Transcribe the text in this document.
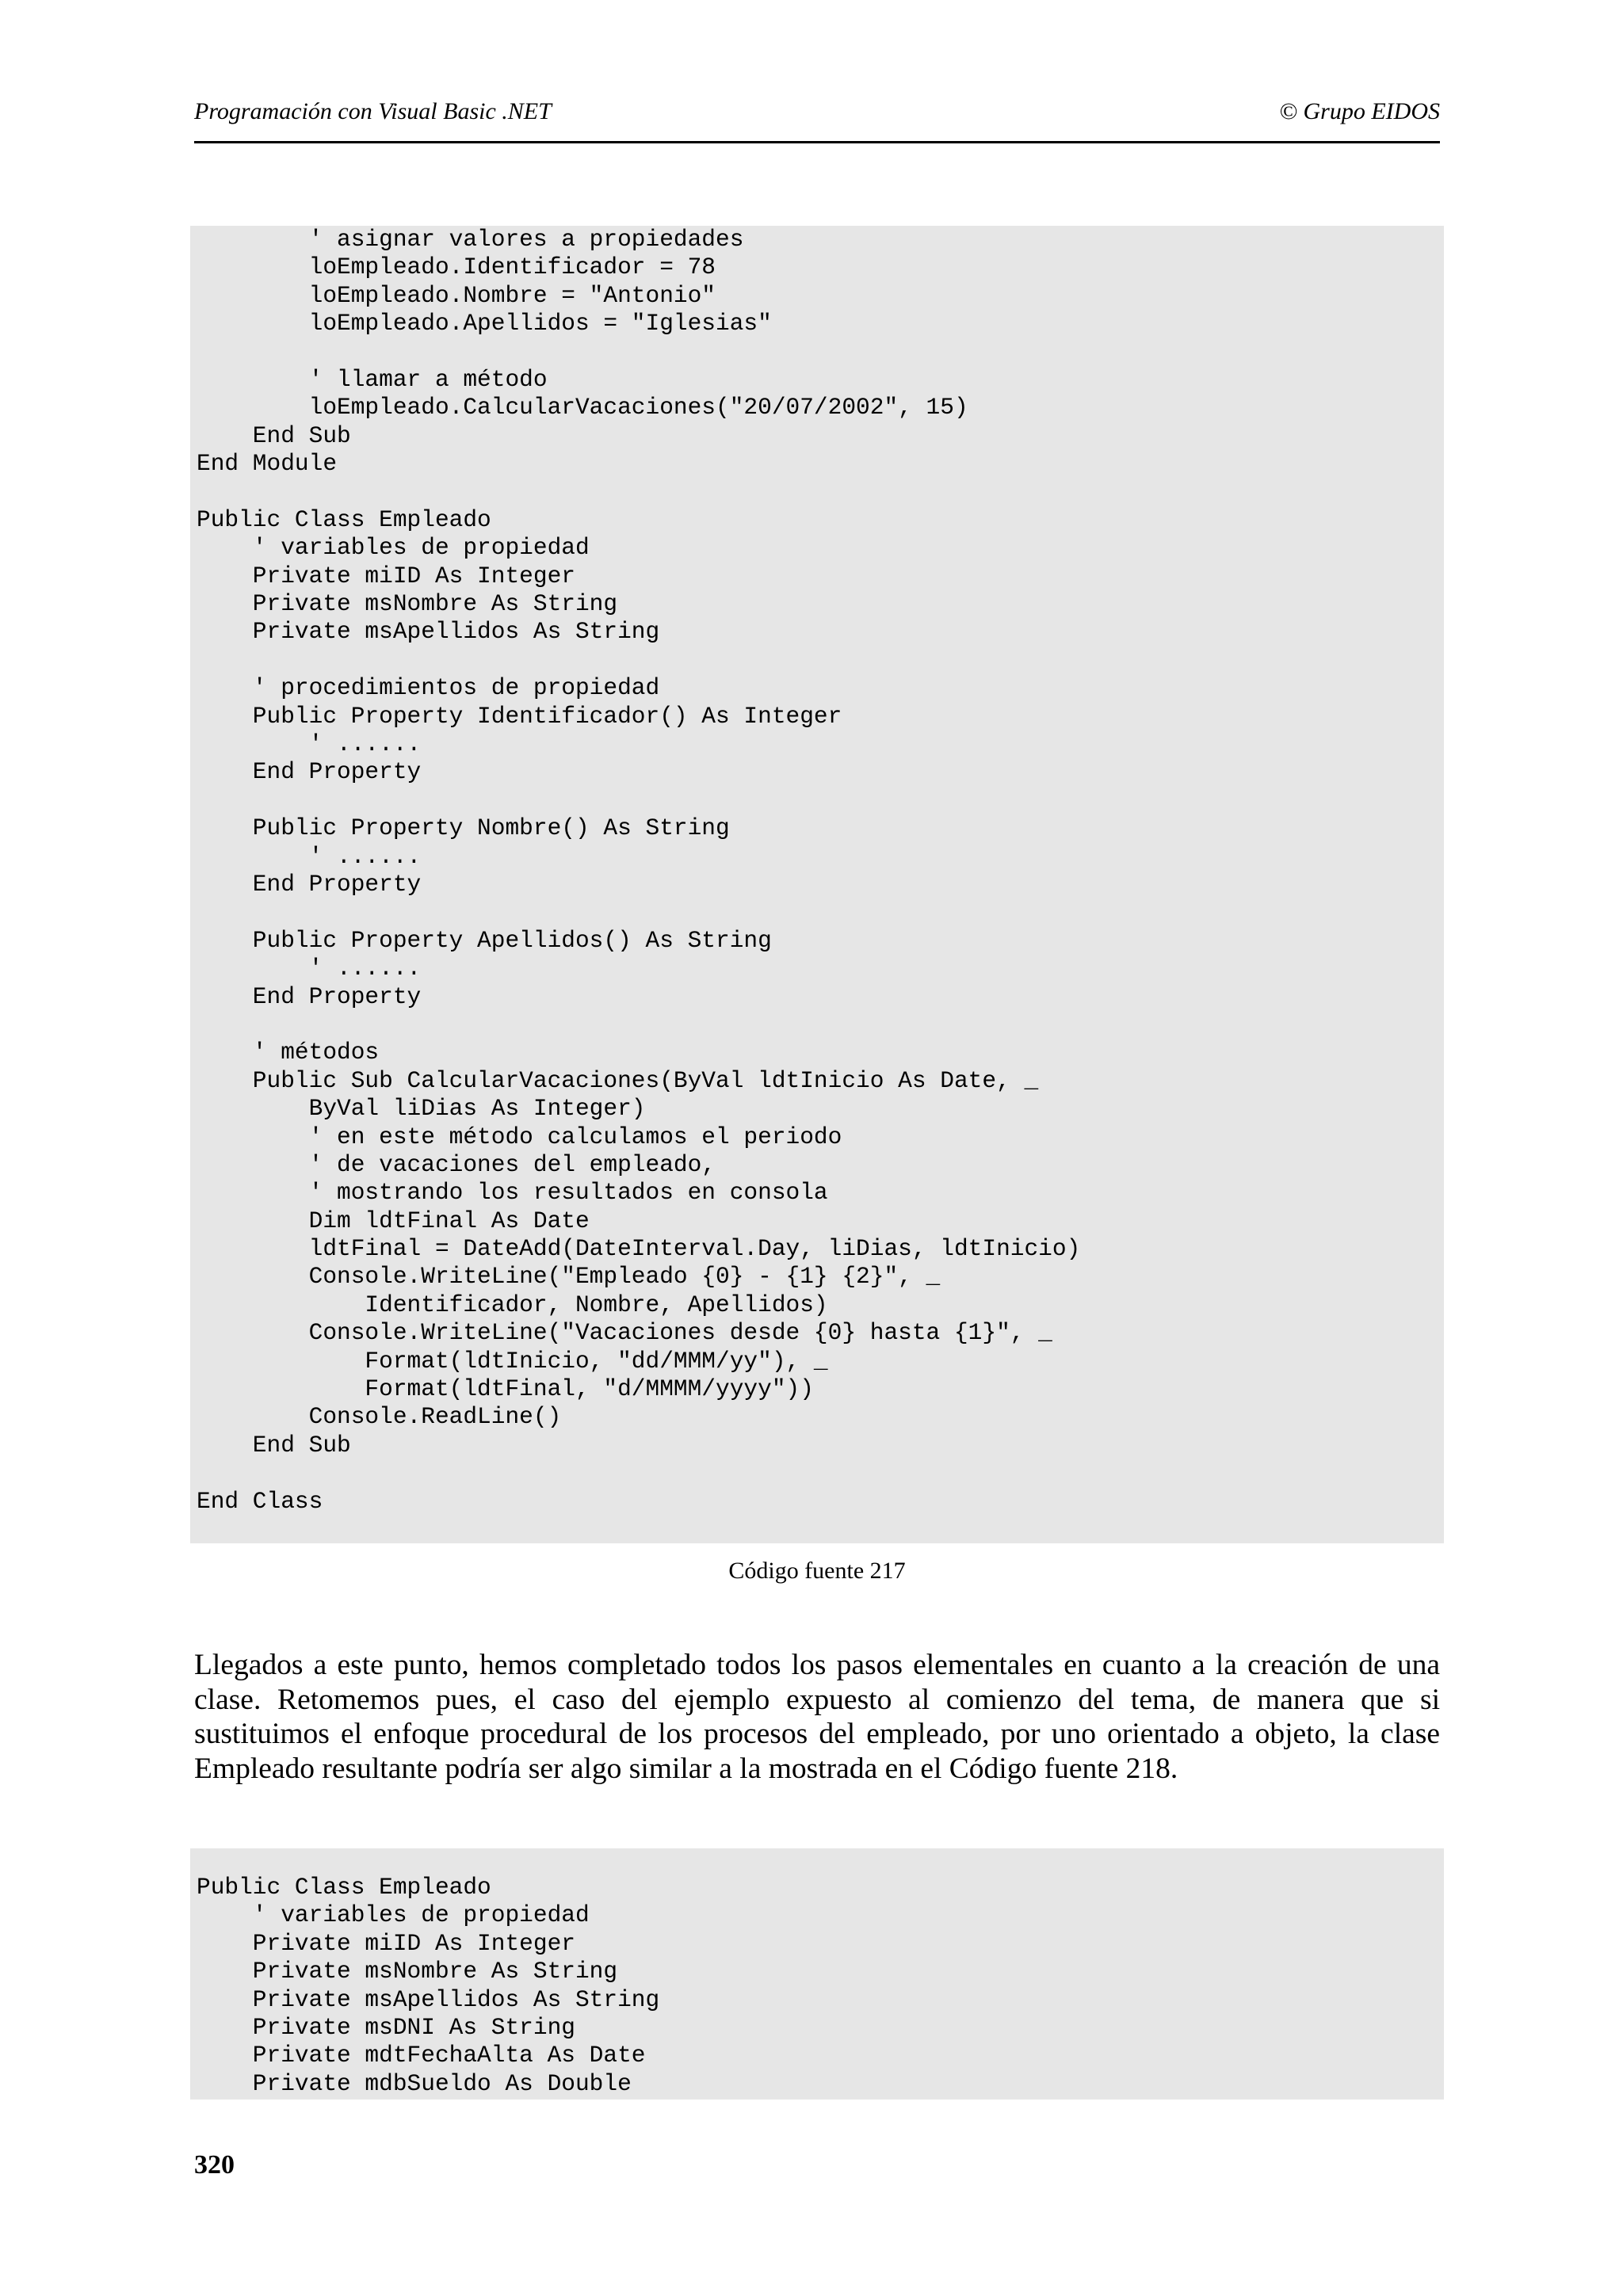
Programación con Visual Basic .NET	© Grupo EIDOS
' asignar valores a propiedades
loEmpleado.Identificador = 78
loEmpleado.Nombre = "Antonio"
loEmpleado.Apellidos = "Iglesias"
' llamar a método
loEmpleado.CalcularVacaciones("20/07/2002", 15)
End Sub
End Module
Public Class Empleado
' variables de propiedad
Private miID As Integer
Private msNombre As String
Private msApellidos As String
' procedimientos de propiedad
Public Property Identificador() As Integer
' ......
End Property
Public Property Nombre() As String
' ......
End Property
Public Property Apellidos() As String
' ......
End Property
' métodos
Public Sub CalcularVacaciones(ByVal ldtInicio As Date, _
ByVal liDias As Integer)
' en este método calculamos el periodo
' de vacaciones del empleado,
' mostrando los resultados en consola
Dim ldtFinal As Date
ldtFinal = DateAdd(DateInterval.Day, liDias, ldtInicio)
Console.WriteLine("Empleado {0} - {1} {2}", _
Identificador, Nombre, Apellidos)
Console.WriteLine("Vacaciones desde {0} hasta {1}", _
Format(ldtInicio, "dd/MMM/yy"), _
Format(ldtFinal, "d/MMMM/yyyy"))
Console.ReadLine()
End Sub
End Class
Código fuente 217
Llegados a este punto, hemos completado todos los pasos elementales en cuanto a la creación de una clase. Retomemos pues, el caso del ejemplo expuesto al comienzo del tema, de manera que si sustituimos el enfoque procedural de los procesos del empleado, por uno orientado a objeto, la clase Empleado resultante podría ser algo similar a la mostrada en el Código fuente 218.
Public Class Empleado
' variables de propiedad
Private miID As Integer
Private msNombre As String
Private msApellidos As String
Private msDNI As String
Private mdtFechaAlta As Date
Private mdbSueldo As Double
320
